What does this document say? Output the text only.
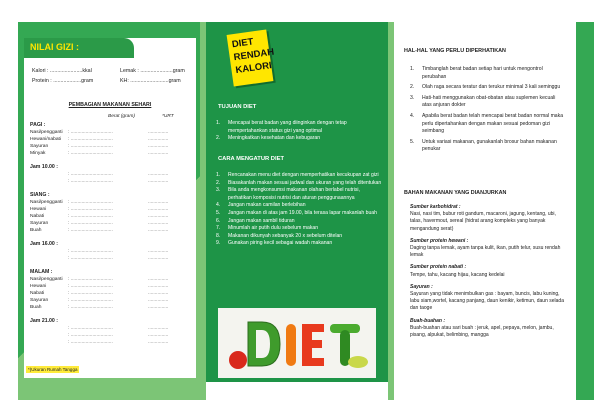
NILAI GIZI :
Kalori : ......................kkal	Lemak : ......................gram
Protein : ...................gram	KH: ..........................gram
PEMBAGIAN MAKANAN SEHARI
Berat (gram)	*URT
PAGI :
Nasi/pengganti : ...............................	...............
Hewani/nabati : ...............................	...............
Sayuran	: ...............................	...............
Minyak	: ...............................	...............
Jam 10.00 :
: ...............................	...............
: ...............................	...............
SIANG :
Nasi/pengganti : ...............................	...............
Hewani	: ...............................	...............
Nabati	: ...............................	...............
Sayuran	: ...............................	...............
Buah	: ...............................	...............
Jam 16.00 :
: ...............................	...............
: ...............................	...............
MALAM :
Nasi/pengganti : ...............................	...............
Hewani	: ...............................	...............
Nabati	: ...............................	...............
Sayuran	: ...............................	...............
Buah	: ...............................	...............
Jam 21.00 :
: ...............................	...............
: ...............................	...............
: ...............................	...............
*)Ukuran Rumah Tangga
DIET
RENDAH
KALORI
TUJUAN DIET
1.	Mencapai berat badan yang diinginkan dengan tetap mempertahankan status gizi yang optimal
2.	Meningkatkan kesehatan dan kebugaran
CARA MENGATUR DIET
1.	Rencanakan menu diet dengan memperhatikan kecukupan zat gizi
2.	Biasakanlah makan sesuai jadwal dan ukuran yang telah ditentukan
3.	Bila anda mengkonsumsi makanan olahan berlabel nutrisi, perhatikan komposisi nutrisi dan aturan penggunaannya
4.	Jangan makan camilan berlebihan
5.	Jangan makan di atas jam 19.00, bila terasa lapar makanlah buah
6.	Jangan makan sambil tiduran
7.	Minumlah air putih dulu sebelum makan
8.	Makanan dikunyah sebanyak 20 x sebelum ditelan
9.	Gunakan piring kecil sebagai wadah makanan
HAL-HAL YANG PERLU DIPERHATIKAN
1.	Timbanglah berat badan setiap hari untuk mengontrol perubahan
2.	Olah raga secara teratur dan terukur minimal 3 kali seminggu
3.	Hati-hati menggunakan obat-obatan atau suplemen kecuali atas anjuran dokter
4.	Apabila berat badan telah mencapai berat badan normal maka perlu dipertahankan dengan makan sesuai pedoman gizi seimbang
5.	Untuk variasi makanan, gunakanlah brosur bahan makanan penukar
BAHAN MAKANAN YANG DIANJURKAN
Sumber karbohidrat :
Nasi, nasi tim, bubur roti gandum, macaroni, jagung, kentang, ubi, talas, havermout, sereal (hidrat arang kompleks yang banyak mengandung serat)
Sumber protein hewani :
Daging tanpa lemak, ayam tanpa kulit, ikan, putih telur, susu rendah lemak
Sumber protein nabati :
Tempe, tahu, kacang hijau, kacang kedelai
Sayuran :
Sayuran yang tidak menimbulkan gas : bayam, buncis, labu kuning, labu siam,wortel, kacang panjang, daun kenikir, ketimun, daun selada dan taoge
Buah-buahan :
Buah-buahan atau sari buah : jeruk, apel, pepaya, melon, jambu, pisang, alpukat, belimbing, mangga
